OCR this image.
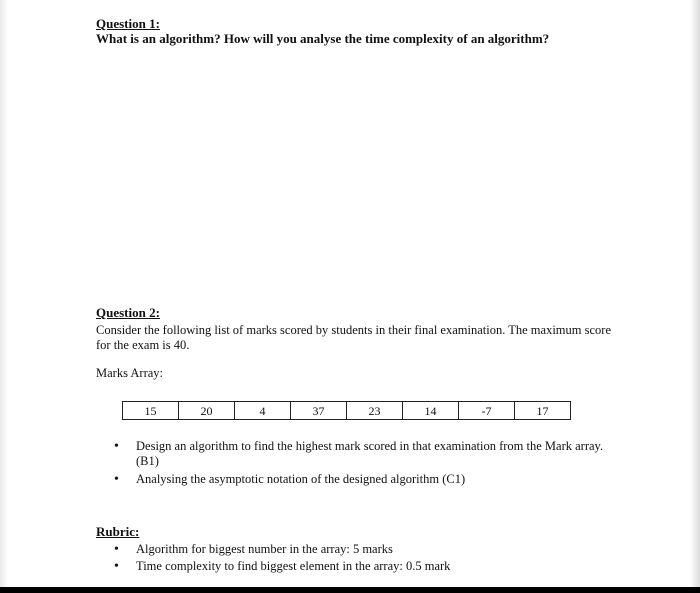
Question 1:

What is an algorithm? How will you analyse the time complexity of an algorithm?

Question 2:

Consider the following list of marks scored by students in their final examination. The maximum score for the exam is 40.

Marks Array:

15	20	4	37	23	14	-7	17
• Design an algorithm to find the highest mark scored in that examination from the Mark array. (B1)
• Analysing the asymptotic notation of the designed algorithm (C1)

Rubric:

• Algorithm for biggest number in the array: 5 marks
• Time complexity to find biggest element in the array: 0.5 mark
